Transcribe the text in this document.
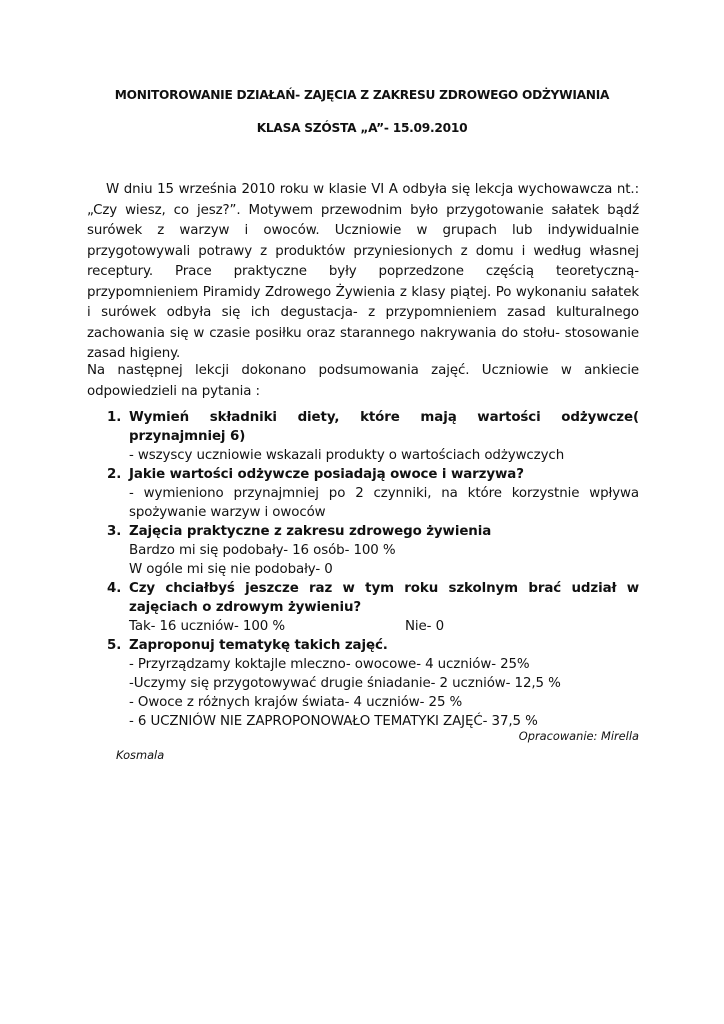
MONITOROWANIE DZIAŁAŃ- ZAJĘCIA Z ZAKRESU ZDROWEGO ODŻYWIANIA
KLASA SZÓSTA „A”- 15.09.2010
W dniu 15 września 2010 roku w klasie VI A odbyła się lekcja wychowawcza nt.: „Czy wiesz, co jesz?”. Motywem przewodnim było przygotowanie sałatek bądź surówek z warzyw i owoców. Uczniowie w grupach lub indywidualnie przygotowywali potrawy z produktów przyniesionych z domu i według własnej receptury. Prace praktyczne były poprzedzone częścią teoretyczną- przypomnieniem Piramidy Zdrowego Żywienia z klasy piątej. Po wykonaniu sałatek i surówek odbyła się ich degustacja- z przypomnieniem zasad kulturalnego zachowania się w czasie posiłku oraz starannego nakrywania do stołu- stosowanie zasad higieny.
Na następnej lekcji dokonano podsumowania zajęć. Uczniowie w ankiecie odpowiedzieli na pytania :
1. Wymień składniki diety, które mają wartości odżywcze( przynajmniej 6)
- wszyscy uczniowie wskazali produkty o wartościach odżywczych
2. Jakie wartości odżywcze posiadają owoce i warzywa?
- wymieniono przynajmniej po 2 czynniki, na które korzystnie wpływa spożywanie warzyw i owoców
3. Zajęcia praktyczne z zakresu zdrowego żywienia
Bardzo mi się podobały- 16 osób- 100 %
W ogóle mi się nie podobały- 0
4. Czy chciałbyś jeszcze raz w tym roku szkolnym brać udział w zajęciach o zdrowym żywieniu?
Tak- 16 uczniów- 100 %	Nie- 0
5. Zaproponuj tematykę takich zajęć.
- Przyrządzamy koktajle mleczno- owocowe- 4 uczniów- 25%
-Uczymy się przygotowywać drugie śniadanie- 2 uczniów- 12,5 %
- Owoce z różnych krajów świata- 4 uczniów- 25 %
- 6 UCZNIÓW NIE ZAPROPONOWAŁO TEMATYKI ZAJĘĆ- 37,5 %
Opracowanie: Mirella
Kosmala
